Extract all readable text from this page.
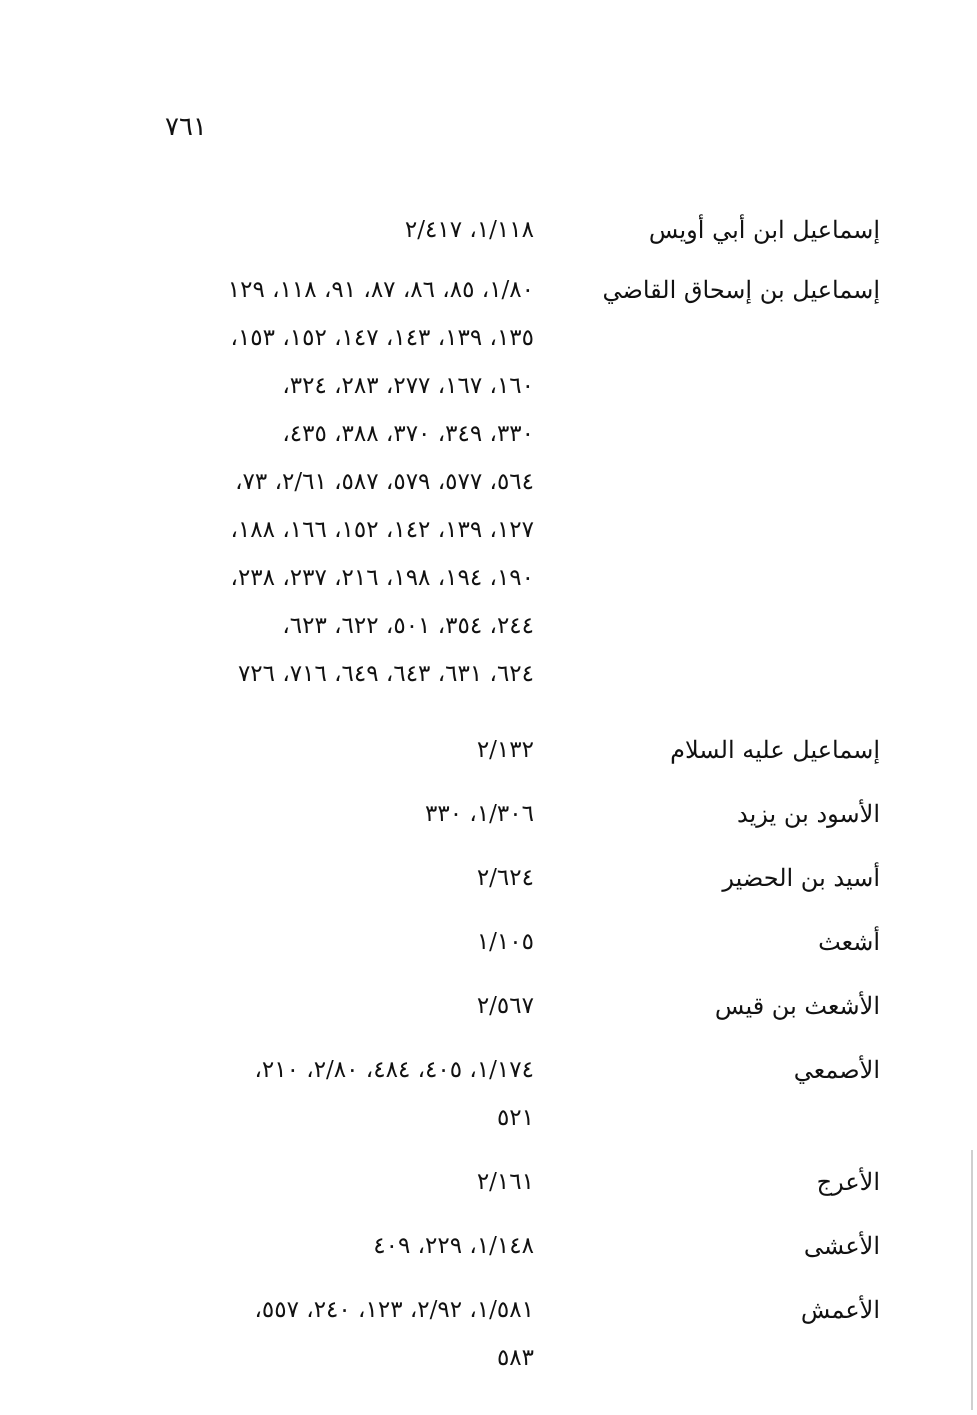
٧٦١
إسماعيل ابن أبي أويس
١/١١٨، ٢/٤١٧
إسماعيل بن إسحاق القاضي
١/٨٠، ٨٥، ٨٦، ٨٧، ٩١، ١١٨، ١٢٩
١٣٥، ١٣٩، ١٤٣، ١٤٧، ١٥٢، ١٥٣،
١٦٠، ١٦٧، ٢٧٧، ٢٨٣، ٣٢٤،
٣٣٠، ٣٤٩، ٣٧٠، ٣٨٨، ٤٣٥،
٥٦٤، ٥٧٧، ٥٧٩، ٥٨٧، ٢/٦١، ٧٣،
١٢٧، ١٣٩، ١٤٢، ١٥٢، ١٦٦، ١٨٨،
١٩٠، ١٩٤، ١٩٨، ٢١٦، ٢٣٧، ٢٣٨،
٢٤٤، ٣٥٤، ٥٠١، ٦٢٢، ٦٢٣،
٦٢٤، ٦٣١، ٦٤٣، ٦٤٩، ٧١٦، ٧٢٦
إسماعيل عليه السلام
٢/١٣٢
الأسود بن يزيد
١/٣٠٦، ٣٣٠
أسيد بن الحضير
٢/٦٢٤
أشعث
١/١٠٥
الأشعث بن قيس
٢/٥٦٧
الأصمعي
١/١٧٤، ٤٠٥، ٤٨٤، ٢/٨٠، ٢١٠،
٥٢١
الأعرج
٢/١٦١
الأعشى
١/١٤٨، ٢٢٩، ٤٠٩
الأعمش
١/٥٨١، ٢/٩٢، ١٢٣، ٢٤٠، ٥٥٧،
٥٨٣
